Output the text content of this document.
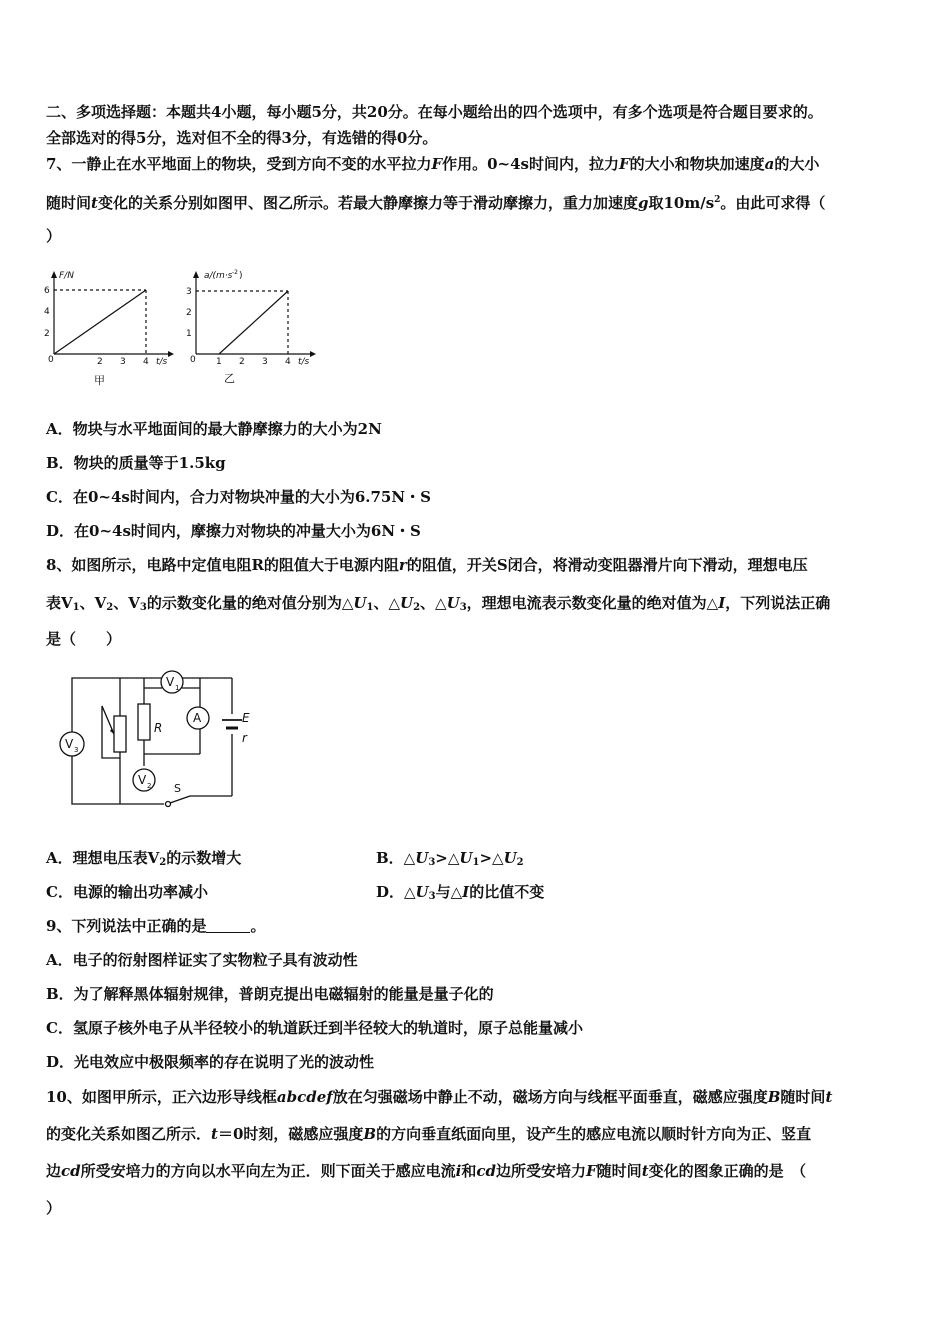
二、多项选择题：本题共4小题，每小题5分，共20分。在每小题给出的四个选项中，有多个选项是符合题目要求的。
全部选对的得5分，选对但不全的得3分，有选错的得0分。
7、一静止在水平地面上的物块，受到方向不变的水平拉力F作用。0~4s时间内，拉力F的大小和物块加速度a的大小
随时间t变化的关系分别如图甲、图乙所示。若最大静摩擦力等于滑动摩擦力，重力加速度g取$10m/s^2$。由此可求得（
）
F/N
6
4
2
0	2 3 4 t/s
甲
a/(m·s -2 )
3
2
1
0 1 2 3 4 t/s
乙
A．物块与水平地面间的最大静摩擦力的大小为2N
B．物块的质量等于1.5kg
C．在0~4s时间内，合力对物块冲量的大小为6.75N・S
D．在0~4s时间内，摩擦力对物块的冲量大小为6N・S
8、如图所示，电路中定值电阻R的阻值大于电源内阻r的阻值，开关S闭合，将滑动变阻器滑片向下滑动，理想电压
表$V_1$、$V_2$、$V_3$的示数变化量的绝对值分别为$\triangle U_1$、$\triangle U_2$、$\triangle U_3$，理想电流表示数变化量的绝对值为△I，下列说法正确
是（　　）
V 1
A
V 2
V 3
R
E
r
S
A．理想电压表$V_2$的示数增大	B．$\triangle U_3>\triangle U_1>\triangle U_2$
C．电源的输出功率减小	D．$\triangle U_3$与△I的比值不变
9、下列说法中正确的是	。
A．电子的衍射图样证实了实物粒子具有波动性
B．为了解释黑体辐射规律，普朗克提出电磁辐射的能量是量子化的
C．氢原子核外电子从半径较小的轨道跃迁到半径较大的轨道时，原子总能量减小
D．光电效应中极限频率的存在说明了光的波动性
10、如图甲所示，正六边形导线框abcdef放在匀强磁场中静止不动，磁场方向与线框平面垂直，磁感应强度B随时间t
的变化关系如图乙所示．t＝0时刻，磁感应强度B的方向垂直纸面向里，设产生的感应电流以顺时针方向为正、竖直
边cd所受安培力的方向以水平向左为正．则下面关于感应电流i和cd边所受安培力F随时间t变化的图象正确的是　（
）
